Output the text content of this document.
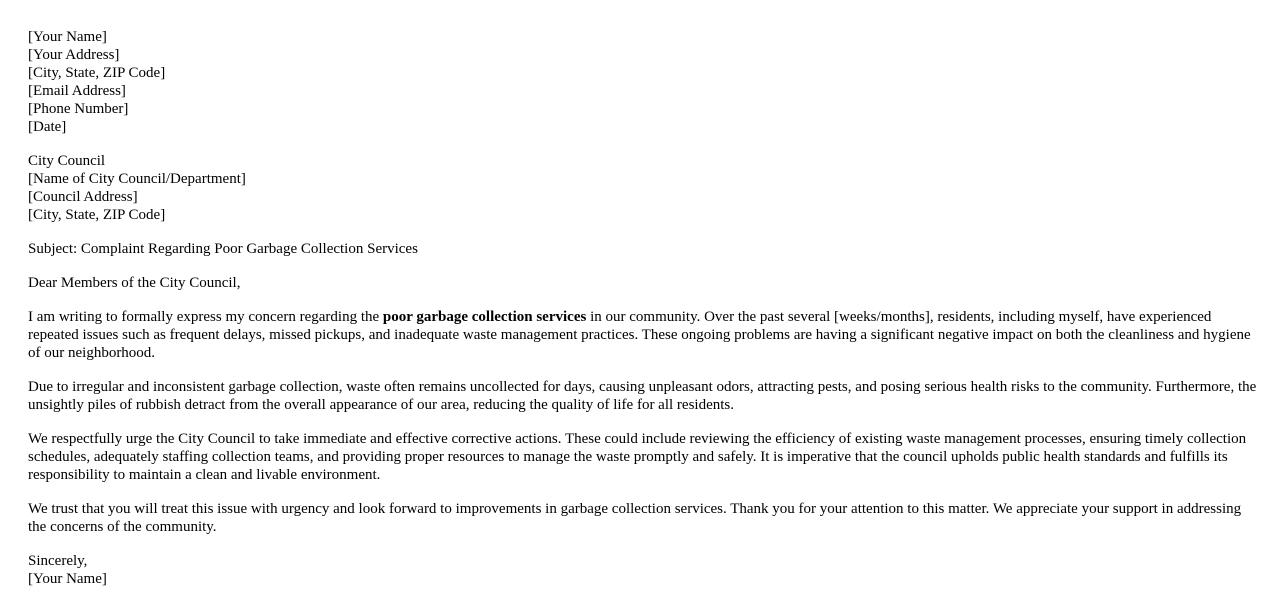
[Your Name]
[Your Address]
[City, State, ZIP Code]
[Email Address]
[Phone Number]
[Date]
City Council
[Name of City Council/Department]
[Council Address]
[City, State, ZIP Code]

Subject: Complaint Regarding Poor Garbage Collection Services

Dear Members of the City Council,

I am writing to formally express my concern regarding the poor garbage collection services in our community. Over the past several [weeks/months], residents, including myself, have experienced repeated issues such as frequent delays, missed pickups, and inadequate waste management practices. These ongoing problems are having a significant negative impact on both the cleanliness and hygiene of our neighborhood.

Due to irregular and inconsistent garbage collection, waste often remains uncollected for days, causing unpleasant odors, attracting pests, and posing serious health risks to the community. Furthermore, the unsightly piles of rubbish detract from the overall appearance of our area, reducing the quality of life for all residents.

We respectfully urge the City Council to take immediate and effective corrective actions. These could include reviewing the efficiency of existing waste management processes, ensuring timely collection schedules, adequately staffing collection teams, and providing proper resources to manage the waste promptly and safely. It is imperative that the council upholds public health standards and fulfills its responsibility to maintain a clean and livable environment.

We trust that you will treat this issue with urgency and look forward to improvements in garbage collection services. Thank you for your attention to this matter. We appreciate your support in addressing the concerns of the community.

Sincerely,
[Your Name]
